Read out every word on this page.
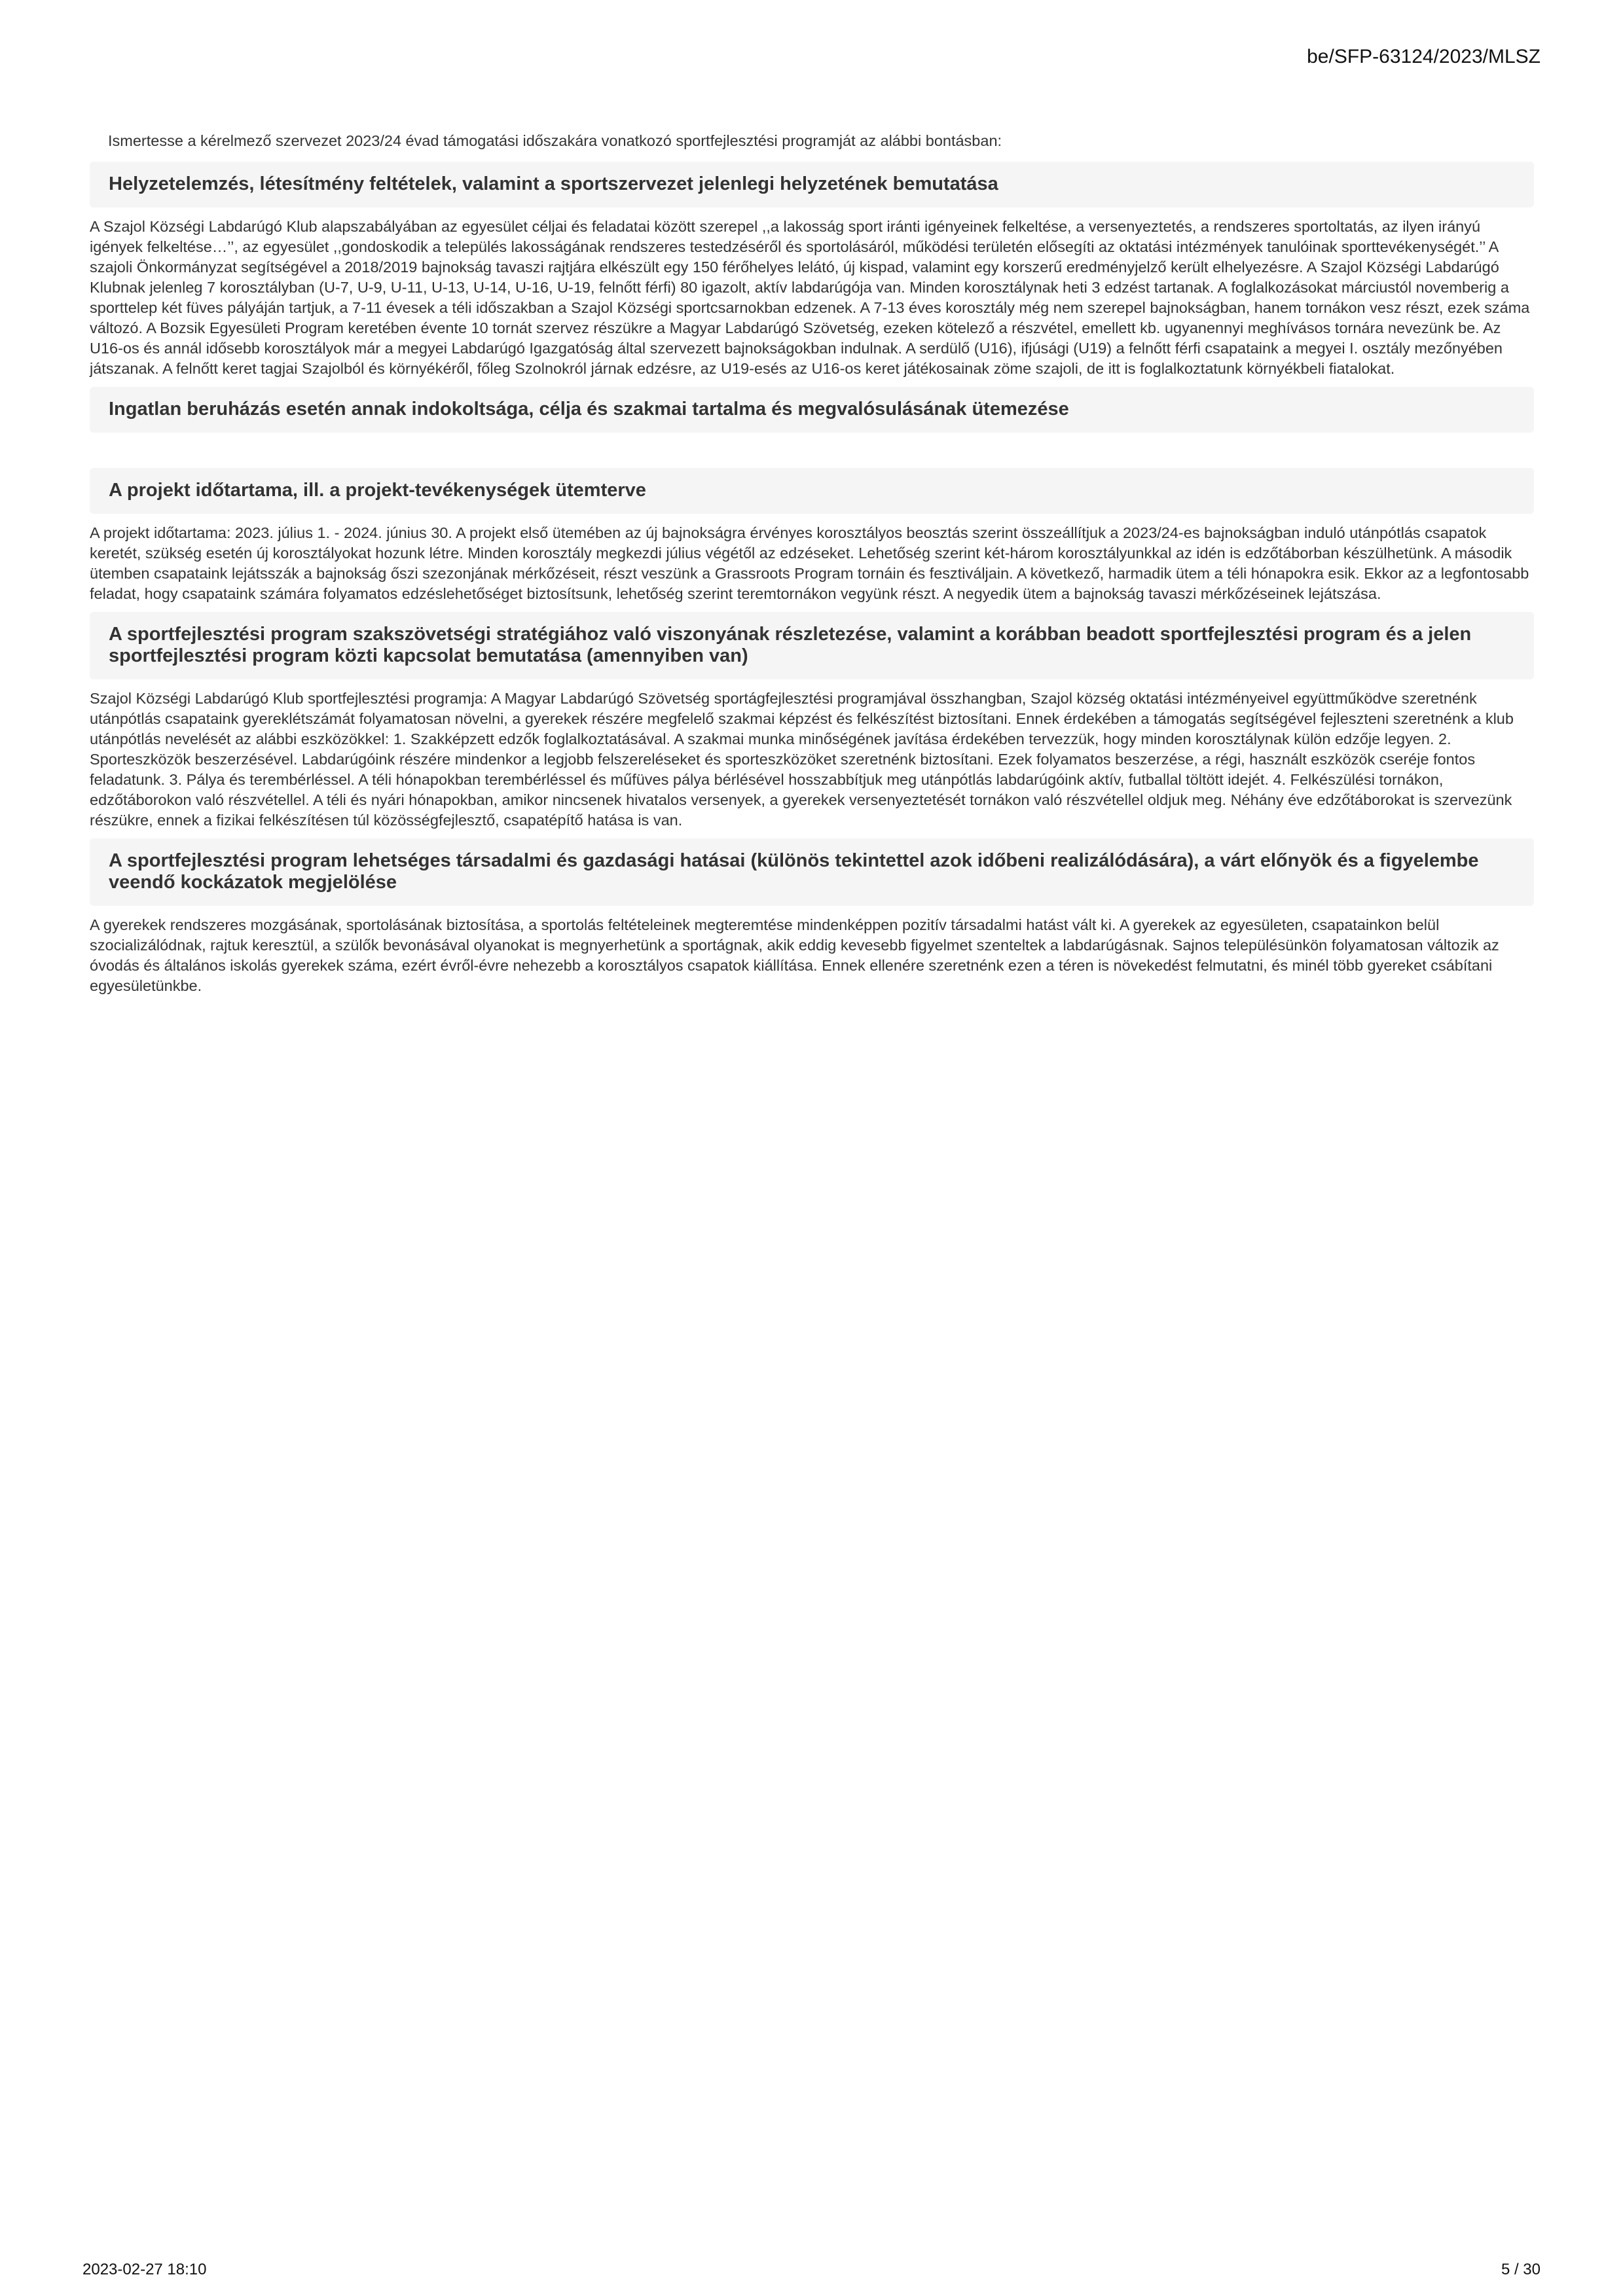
be/SFP-63124/2023/MLSZ

Ismertesse a kérelmező szervezet 2023/24 évad támogatási időszakára vonatkozó sportfejlesztési programját az alábbi bontásban:

Helyzetelemzés, létesítmény feltételek, valamint a sportszervezet jelenlegi helyzetének bemutatása
A Szajol Községi Labdarúgó Klub alapszabályában az egyesület céljai és feladatai között szerepel ,,a lakosság sport iránti igényeinek felkeltése, a versenyeztetés, a rendszeres sportoltatás, az ilyen irányú igények felkeltése…’’, az egyesület ,,gondoskodik a település lakosságának rendszeres testedzéséről és sportolásáról, működési területén elősegíti az oktatási intézmények tanulóinak sporttevékenységét.’’ A szajoli Önkormányzat segítségével a 2018/2019 bajnokság tavaszi rajtjára elkészült egy 150 férőhelyes lelátó, új kispad, valamint egy korszerű eredményjelző került elhelyezésre. A Szajol Községi Labdarúgó Klubnak jelenleg 7 korosztályban (U-7, U-9, U-11, U-13, U-14, U-16, U-19, felnőtt férfi) 80 igazolt, aktív labdarúgója van. Minden korosztálynak heti 3 edzést tartanak. A foglalkozásokat márciustól novemberig a sporttelep két füves pályáján tartjuk, a 7-11 évesek a téli időszakban a Szajol Községi sportcsarnokban edzenek. A 7-13 éves korosztály még nem szerepel bajnokságban, hanem tornákon vesz részt, ezek száma változó. A Bozsik Egyesületi Program keretében évente 10 tornát szervez részükre a Magyar Labdarúgó Szövetség, ezeken kötelező a részvétel, emellett kb. ugyanennyi meghívásos tornára nevezünk be. Az U16-os és annál idősebb korosztályok már a megyei Labdarúgó Igazgatóság által szervezett bajnokságokban indulnak. A serdülő (U16), ifjúsági (U19) a felnőtt férfi csapataink a megyei I. osztály mezőnyében játszanak. A felnőtt keret tagjai Szajolból és környékéről, főleg Szolnokról járnak edzésre, az U19-esés az U16-os keret játékosainak zöme szajoli, de itt is foglalkoztatunk környékbeli fiatalokat.
Ingatlan beruházás esetén annak indokoltsága, célja és szakmai tartalma és megvalósulásának ütemezése
A projekt időtartama, ill. a projekt-tevékenységek ütemterve
A projekt időtartama: 2023. július 1. - 2024. június 30. A projekt első ütemében az új bajnokságra érvényes korosztályos beosztás szerint összeállítjuk a 2023/24-es bajnokságban induló utánpótlás csapatok keretét, szükség esetén új korosztályokat hozunk létre. Minden korosztály megkezdi július végétől az edzéseket. Lehetőség szerint két-három korosztályunkkal az idén is edzőtáborban készülhetünk. A második ütemben csapataink lejátsszák a bajnokság őszi szezonjának mérkőzéseit, részt veszünk a Grassroots Program tornáin és fesztiváljain. A következő, harmadik ütem a téli hónapokra esik. Ekkor az a legfontosabb feladat, hogy csapataink számára folyamatos edzéslehetőséget biztosítsunk, lehetőség szerint teremtornákon vegyünk részt. A negyedik ütem a bajnokság tavaszi mérkőzéseinek lejátszása.
A sportfejlesztési program szakszövetségi stratégiához való viszonyának részletezése, valamint a korábban beadott sportfejlesztési program és a jelen sportfejlesztési program közti kapcsolat bemutatása (amennyiben van)
Szajol Községi Labdarúgó Klub sportfejlesztési programja: A Magyar Labdarúgó Szövetség sportágfejlesztési programjával összhangban, Szajol község oktatási intézményeivel együttműködve szeretnénk utánpótlás csapataink gyereklétszámát folyamatosan növelni, a gyerekek részére megfelelő szakmai képzést és felkészítést biztosítani. Ennek érdekében a támogatás segítségével fejleszteni szeretnénk a klub utánpótlás nevelését az alábbi eszközökkel: 1. Szakképzett edzők foglalkoztatásával. A szakmai munka minőségének javítása érdekében tervezzük, hogy minden korosztálynak külön edzője legyen. 2. Sporteszközök beszerzésével. Labdarúgóink részére mindenkor a legjobb felszereléseket és sporteszközöket szeretnénk biztosítani. Ezek folyamatos beszerzése, a régi, használt eszközök cseréje fontos feladatunk. 3. Pálya és terembérléssel. A téli hónapokban terembérléssel és műfüves pálya bérlésével hosszabbítjuk meg utánpótlás labdarúgóink aktív, futballal töltött idejét. 4. Felkészülési tornákon, edzőtáborokon való részvétellel. A téli és nyári hónapokban, amikor nincsenek hivatalos versenyek, a gyerekek versenyeztetését tornákon való részvétellel oldjuk meg. Néhány éve edzőtáborokat is szervezünk részükre, ennek a fizikai felkészítésen túl közösségfejlesztő, csapatépítő hatása is van.
A sportfejlesztési program lehetséges társadalmi és gazdasági hatásai (különös tekintettel azok időbeni realizálódására), a várt előnyök és a figyelembe veendő kockázatok megjelölése
A gyerekek rendszeres mozgásának, sportolásának biztosítása, a sportolás feltételeinek megteremtése mindenképpen pozitív társadalmi hatást vált ki. A gyerekek az egyesületen, csapatainkon belül szocializálódnak, rajtuk keresztül, a szülők bevonásával olyanokat is megnyerhetünk a sportágnak, akik eddig kevesebb figyelmet szenteltek a labdarúgásnak. Sajnos településünkön folyamatosan változik az óvodás és általános iskolás gyerekek száma, ezért évről-évre nehezebb a korosztályos csapatok kiállítása. Ennek ellenére szeretnénk ezen a téren is növekedést felmutatni, és minél több gyereket csábítani egyesületünkbe.
2023-02-27 18:10	5 / 30
